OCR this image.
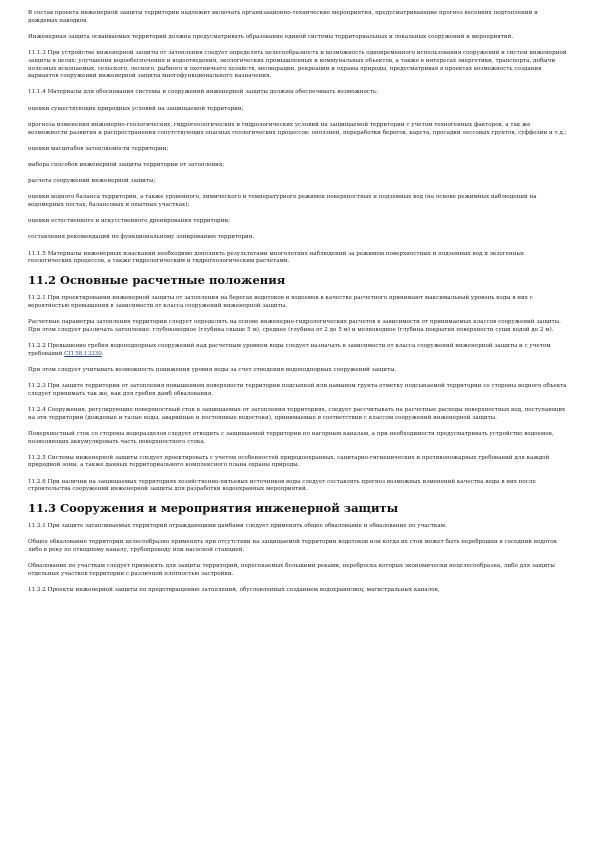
В состав проекта инженерной защиты территории надлежит включать организационно-технические мероприятия, предусматривающие прогноз весенних подтоплений и дождевых паводков.

Инженерная защита осваиваемых территорий должна предусматривать образование единой системы территориальных и локальных сооружений и мероприятий.

11.1.3 При устройстве инженерной защиты от затопления следует определять целесообразность и возможность одновременного использования сооружений и систем инженерной защиты в целях: улучшения водообеспечения и водоотведения, экологических промышленных и коммунальных объектов, а также в интересах энергетики, транспорта, добычи полезных ископаемых, сельского, лесного, рыбного и охотничьего хозяйств, мелиорации, рекреации и охраны природы, предусматривая в проектах возможность создания вариантов сооружений инженерной защиты многофункционального назначения.

11.1.4 Материалы для обоснования системы и сооружений инженерной защиты должны обеспечивать возможность:

оценки существующих природных условий на защищаемой территории;

прогноза изменения инженерно-геологических, гидрогеологических и гидрологических условий на защищаемой территории с учетом техногенных факторов, а так же возможности развития и распространения сопутствующих опасных геологических процессов: оползней, переработки берегов, карста, просадки лессовых грунтов, суффозии и т.д.;

оценки масштабов затопляемости территории;

выбора способов инженерной защиты территории от затопления;

расчета сооружений инженерной защиты;

оценки водного баланса территории, а также уровенного, химического и температурного режимов поверхностных и подземных вод (на основе режимных наблюдений на водомерных постах, балансовых и опытных участках);

оценки естественного и искусственного дренирования территории;

составления рекомендаций по функциональному зонированию территории.

11.1.5 Материалы инженерных изысканий необходимо дополнять результатами многолетних наблюдений за режимом поверхностных и подземных вод и экзогенных геологических процессов, а также гидрологическим и гидрогеологическим расчетами.

11.2 Основные расчетные положения

11.2.1 При проектировании инженерной защиты от затопления на берегах водотоков и водоемов в качестве расчетного принимают максимальный уровень воды в них с вероятностью превышения в зависимости от класса сооружений инженерной защиты.

Расчетные параметры затопления территории следует определять на основе инженерно-гидрологических расчетов в зависимости от принимаемых классов сооружений защиты. При этом следует различать затопление: глубоководное (глубина свыше 5 м), среднее (глубина от 2 до 5 м) и мелководное (глубина покрытия поверхности суши водой до 2 м).

11.2.2 Превышение гребня водоподпорных сооружений над расчетным уровнем воды следует назначать в зависимости от класса сооружений инженерной защиты и с учетом требований СП 58.13330.

При этом следует учитывать возможность понижения уровня воды за счет отведения водоподпорных сооружений защиты.

11.2.3 При защите территории от затопления повышением поверхности территории подсыпкой или намывом грунта отметку подсыпаемой территории со стороны водного объекта следует принимать так же, как для гребня дамб обвалования.

11.2.4 Сооружения, регулирующие поверхностный сток в защищаемых от затопления территориях, следует рассчитывать на расчетные расходы поверхностных вод, поступающих на эти территории (дождевые и талые воды, аварийные и постоянные водостоки), принимаемые в соответствии с классом сооружений инженерной защиты.

Поверхностный сток со стороны водоразделов следует отводить с защищаемой территории по нагорным каналам, а при необходимости предусматривать устройство водоемов, позволяющих аккумулировать часть поверхностного стока.

11.2.5 Системы инженерной защиты следует проектировать с учетом особенностей природоохранных, санитарно-гигиенических и противопожарных требований для каждой природной зоны, а также данных территориального комплексного плана охраны природы.

11.2.6 При наличии на защищаемых территориях хозяйственно-питьевых источников воды следует составлять прогноз возможных изменений качества воды в них после строительства сооружений инженерной защиты для разработки водоохранных мероприятий.

11.3 Сооружения и мероприятия инженерной защиты

11.3.1 При защите затапливаемых территорий ограждающими дамбами следует применять общее обвалование и обвалование по участкам.

Общее обвалование территории целесообразно применять при отсутствии на защищаемой территории водотоков или когда их сток может быть переброшен в соседний водоток либо в реку по отводному каналу, трубопроводу или насосной станцией.

Обвалование по участкам следует применять для защиты территорий, пересекаемых большими реками, переброска которых экономически нецелесообразна, либо для защиты отдельных участков территории с различной плотностью застройки.

11.3.2 Проекты инженерной защиты по предотвращению затоплений, обусловленных созданием водохранилищ, магистральных каналов,
